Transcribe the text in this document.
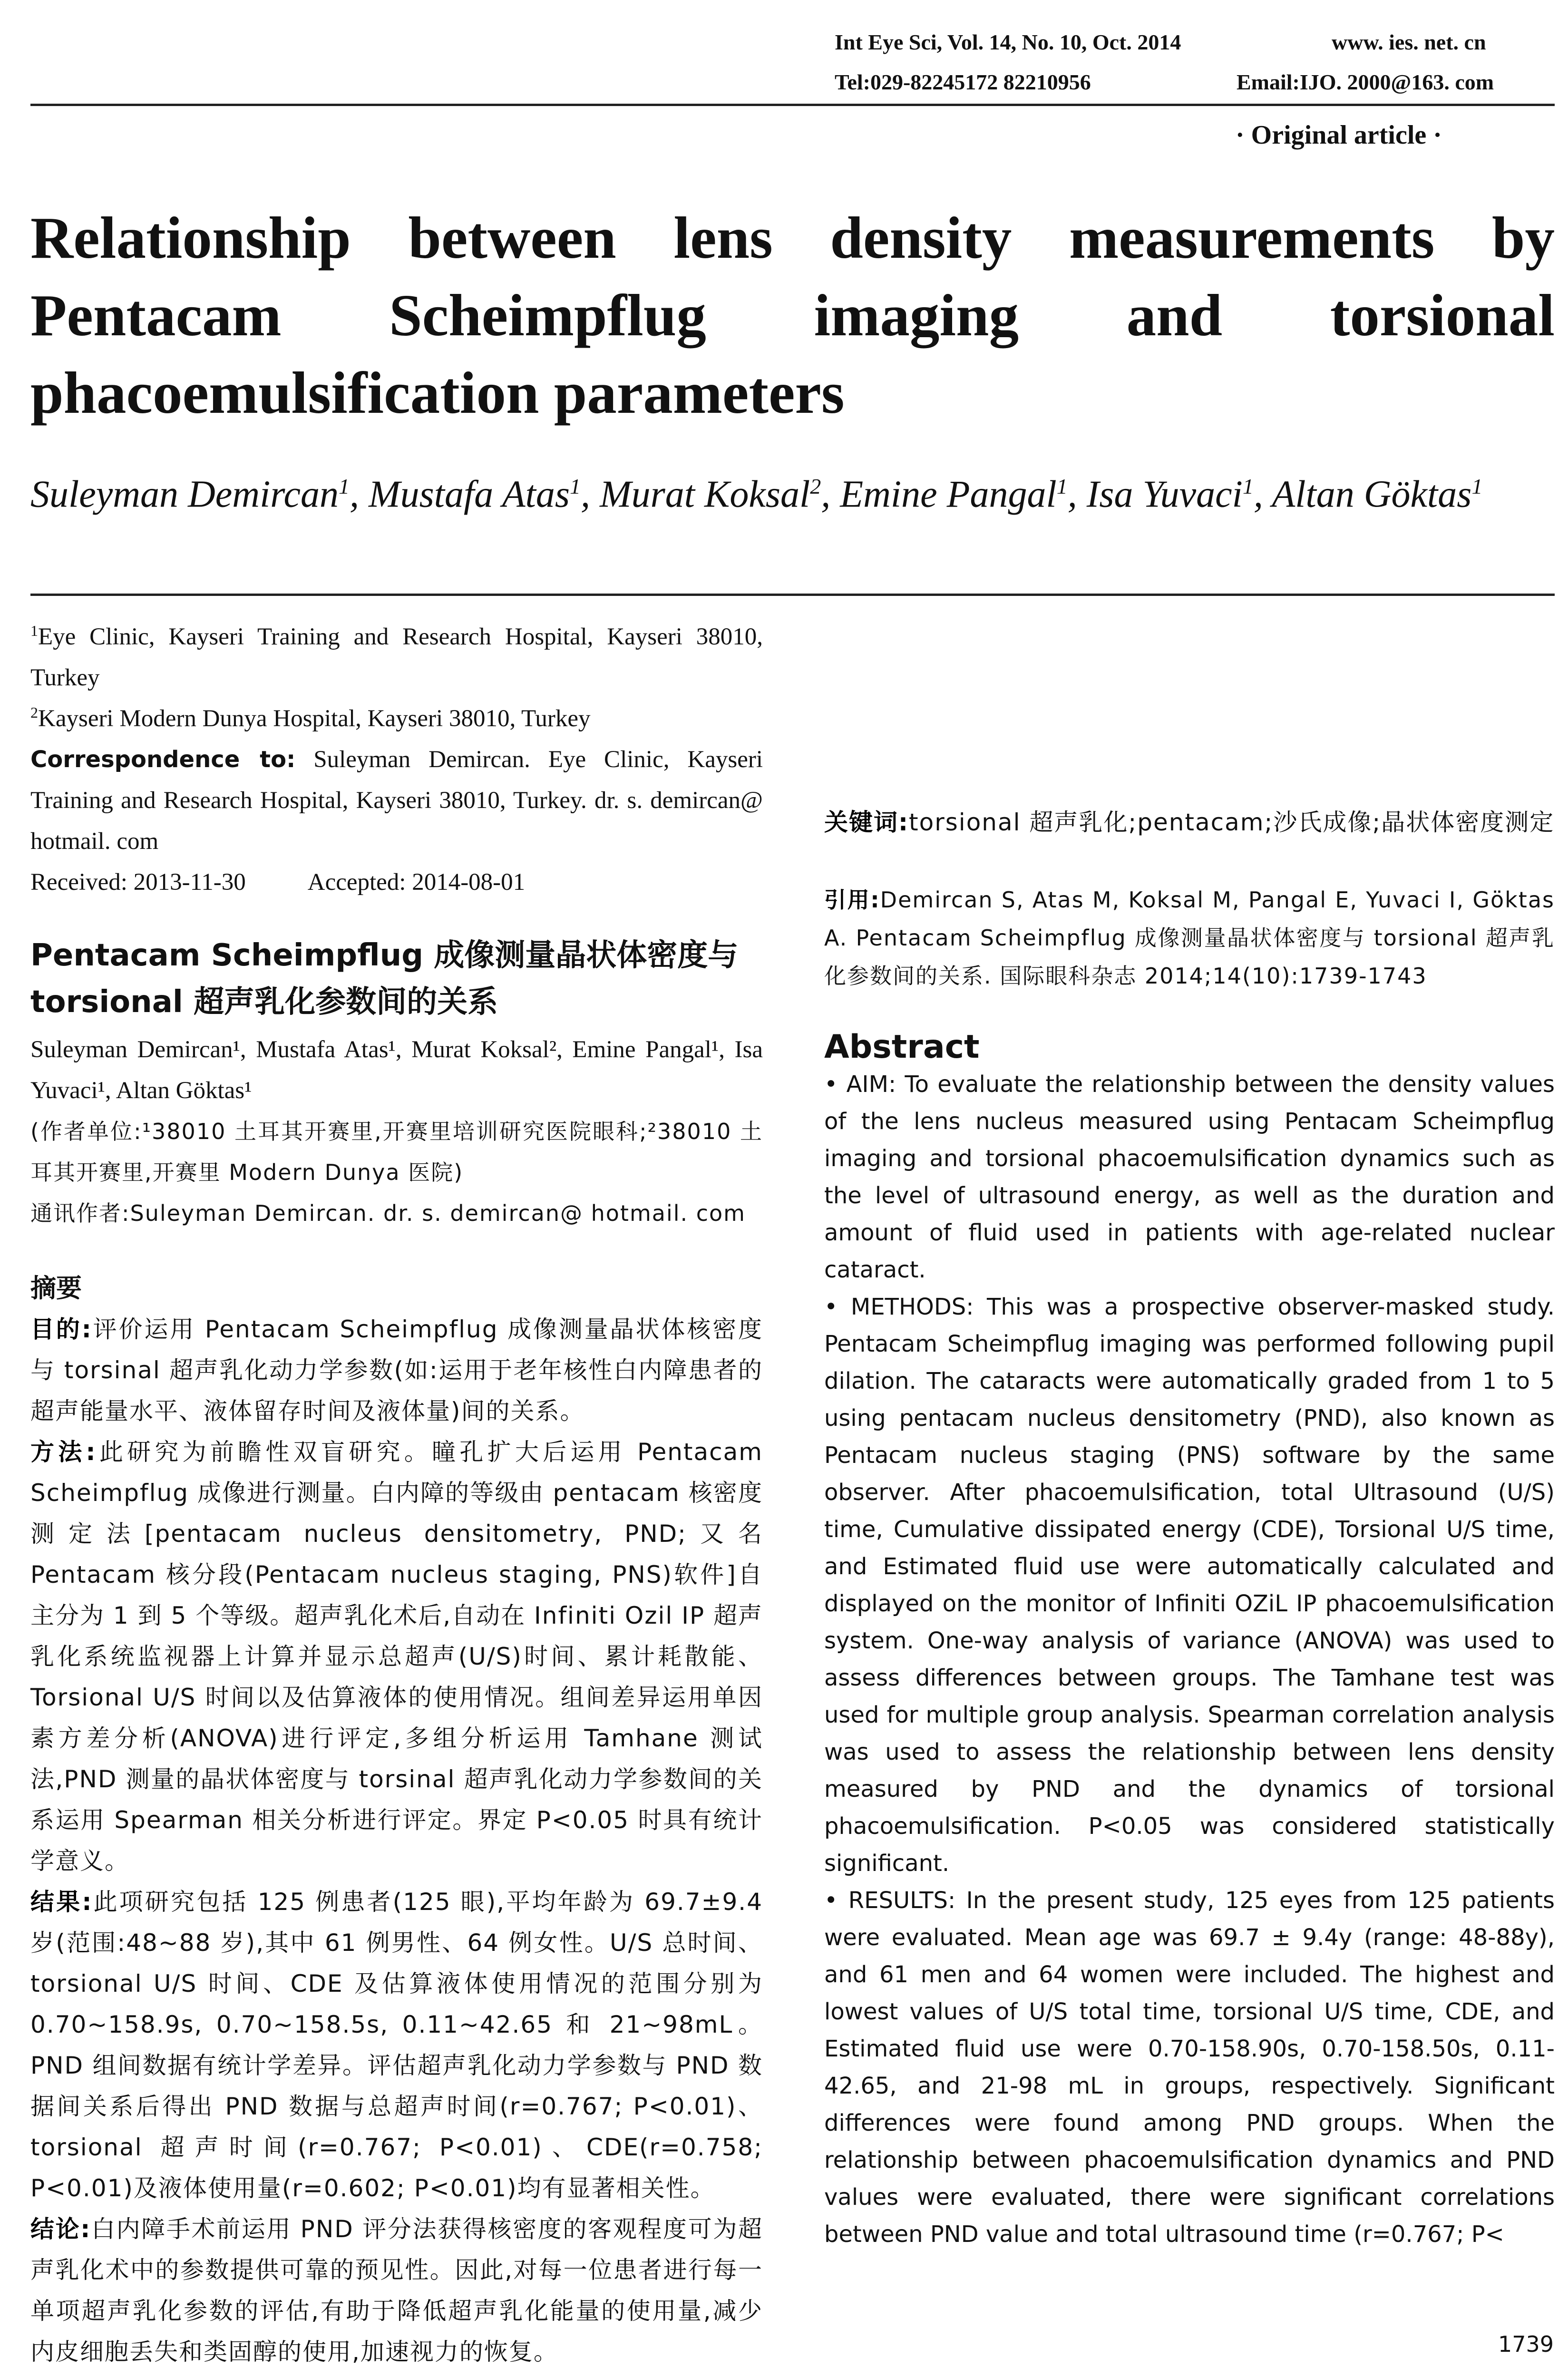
Int Eye Sci, Vol. 14, No. 10, Oct. 2014	www. ies. net. cn
Tel:029-82245172 82210956	Email:IJO. 2000@163. com
· Original article ·
Relationship between lens density measurements by
Pentacam Scheimpflug imaging and torsional
phacoemulsification parameters
Suleyman Demircan$^1$, Mustafa Atas$^1$, Murat Koksal$^2$, Emine Pangal$^1$, Isa Yuvaci$^1$, Altan Göktas$^1$

$^1$Eye Clinic, Kayseri Training and Research Hospital, Kayseri 38010, Turkey

$^2$Kayseri Modern Dunya Hospital, Kayseri 38010, Turkey

Correspondence to: Suleyman Demircan. Eye Clinic, Kayseri Training and Research Hospital, Kayseri 38010, Turkey. dr. s. demircan@ hotmail. com

Received: 2013-11-30	Accepted: 2014-08-01

Pentacam Scheimpflug 成像测量晶状体密度与 torsional 超声乳化参数间的关系

Suleyman Demircan¹, Mustafa Atas¹, Murat Koksal², Emine Pangal¹, Isa Yuvaci¹, Altan Göktas¹

(作者单位:¹38010 土耳其开赛里,开赛里培训研究医院眼科;²38010 土耳其开赛里,开赛里 Modern Dunya 医院)

通讯作者:Suleyman Demircan. dr. s. demircan@ hotmail. com

摘要

目的:评价运用 Pentacam Scheimpflug 成像测量晶状体核密度与 torsinal 超声乳化动力学参数(如:运用于老年核性白内障患者的超声能量水平、液体留存时间及液体量)间的关系。

方法:此研究为前瞻性双盲研究。瞳孔扩大后运用 Pentacam Scheimpflug 成像进行测量。白内障的等级由 pentacam 核密度测定法[pentacam nucleus densitometry, PND;又名 Pentacam 核分段(Pentacam nucleus staging, PNS)软件]自主分为 1 到 5 个等级。超声乳化术后,自动在 Infiniti Ozil IP 超声乳化系统监视器上计算并显示总超声(U/S)时间、累计耗散能、Torsional U/S 时间以及估算液体的使用情况。组间差异运用单因素方差分析(ANOVA)进行评定,多组分析运用 Tamhane 测试法,PND 测量的晶状体密度与 torsinal 超声乳化动力学参数间的关系运用 Spearman 相关分析进行评定。界定 P<0.05 时具有统计学意义。

结果:此项研究包括 125 例患者(125 眼),平均年龄为 69.7±9.4 岁(范围:48~88 岁),其中 61 例男性、64 例女性。U/S 总时间、torsional U/S 时间、CDE 及估算液体使用情况的范围分别为 0.70~158.9s, 0.70~158.5s, 0.11~42.65 和 21~98mL。PND 组间数据有统计学差异。评估超声乳化动力学参数与 PND 数据间关系后得出 PND 数据与总超声时间(r=0.767; P<0.01)、torsional 超声时间(r=0.767; P<0.01)、CDE(r=0.758; P<0.01)及液体使用量(r=0.602; P<0.01)均有显著相关性。

结论:白内障手术前运用 PND 评分法获得核密度的客观程度可为超声乳化术中的参数提供可靠的预见性。因此,对每一位患者进行每一单项超声乳化参数的评估,有助于降低超声乳化能量的使用量,减少内皮细胞丢失和类固醇的使用,加速视力的恢复。

关键词:torsional 超声乳化;pentacam;沙氏成像;晶状体密度测定

引用:Demircan S, Atas M, Koksal M, Pangal E, Yuvaci I, Göktas A. Pentacam Scheimpflug 成像测量晶状体密度与 torsional 超声乳化参数间的关系. 国际眼科杂志 2014;14(10):1739-1743

Abstract

• AIM: To evaluate the relationship between the density values of the lens nucleus measured using Pentacam Scheimpflug imaging and torsional phacoemulsification dynamics such as the level of ultrasound energy, as well as the duration and amount of fluid used in patients with age-related nuclear cataract.

• METHODS: This was a prospective observer-masked study. Pentacam Scheimpflug imaging was performed following pupil dilation. The cataracts were automatically graded from 1 to 5 using pentacam nucleus densitometry (PND), also known as Pentacam nucleus staging (PNS) software by the same observer. After phacoemulsification, total Ultrasound (U/S) time, Cumulative dissipated energy (CDE), Torsional U/S time, and Estimated fluid use were automatically calculated and displayed on the monitor of Infiniti OZiL IP phacoemulsification system. One-way analysis of variance (ANOVA) was used to assess differences between groups. The Tamhane test was used for multiple group analysis. Spearman correlation analysis was used to assess the relationship between lens density measured by PND and the dynamics of torsional phacoemulsification. P<0.05 was considered statistically significant.

• RESULTS: In the present study, 125 eyes from 125 patients were evaluated. Mean age was 69.7 ± 9.4y (range: 48-88y), and 61 men and 64 women were included. The highest and lowest values of U/S total time, torsional U/S time, CDE, and Estimated fluid use were 0.70-158.90s, 0.70-158.50s, 0.11-42.65, and 21-98 mL in groups, respectively. Significant differences were found among PND groups. When the relationship between phacoemulsification dynamics and PND values were evaluated, there were significant correlations between PND value and total ultrasound time (r=0.767; P<

1739
